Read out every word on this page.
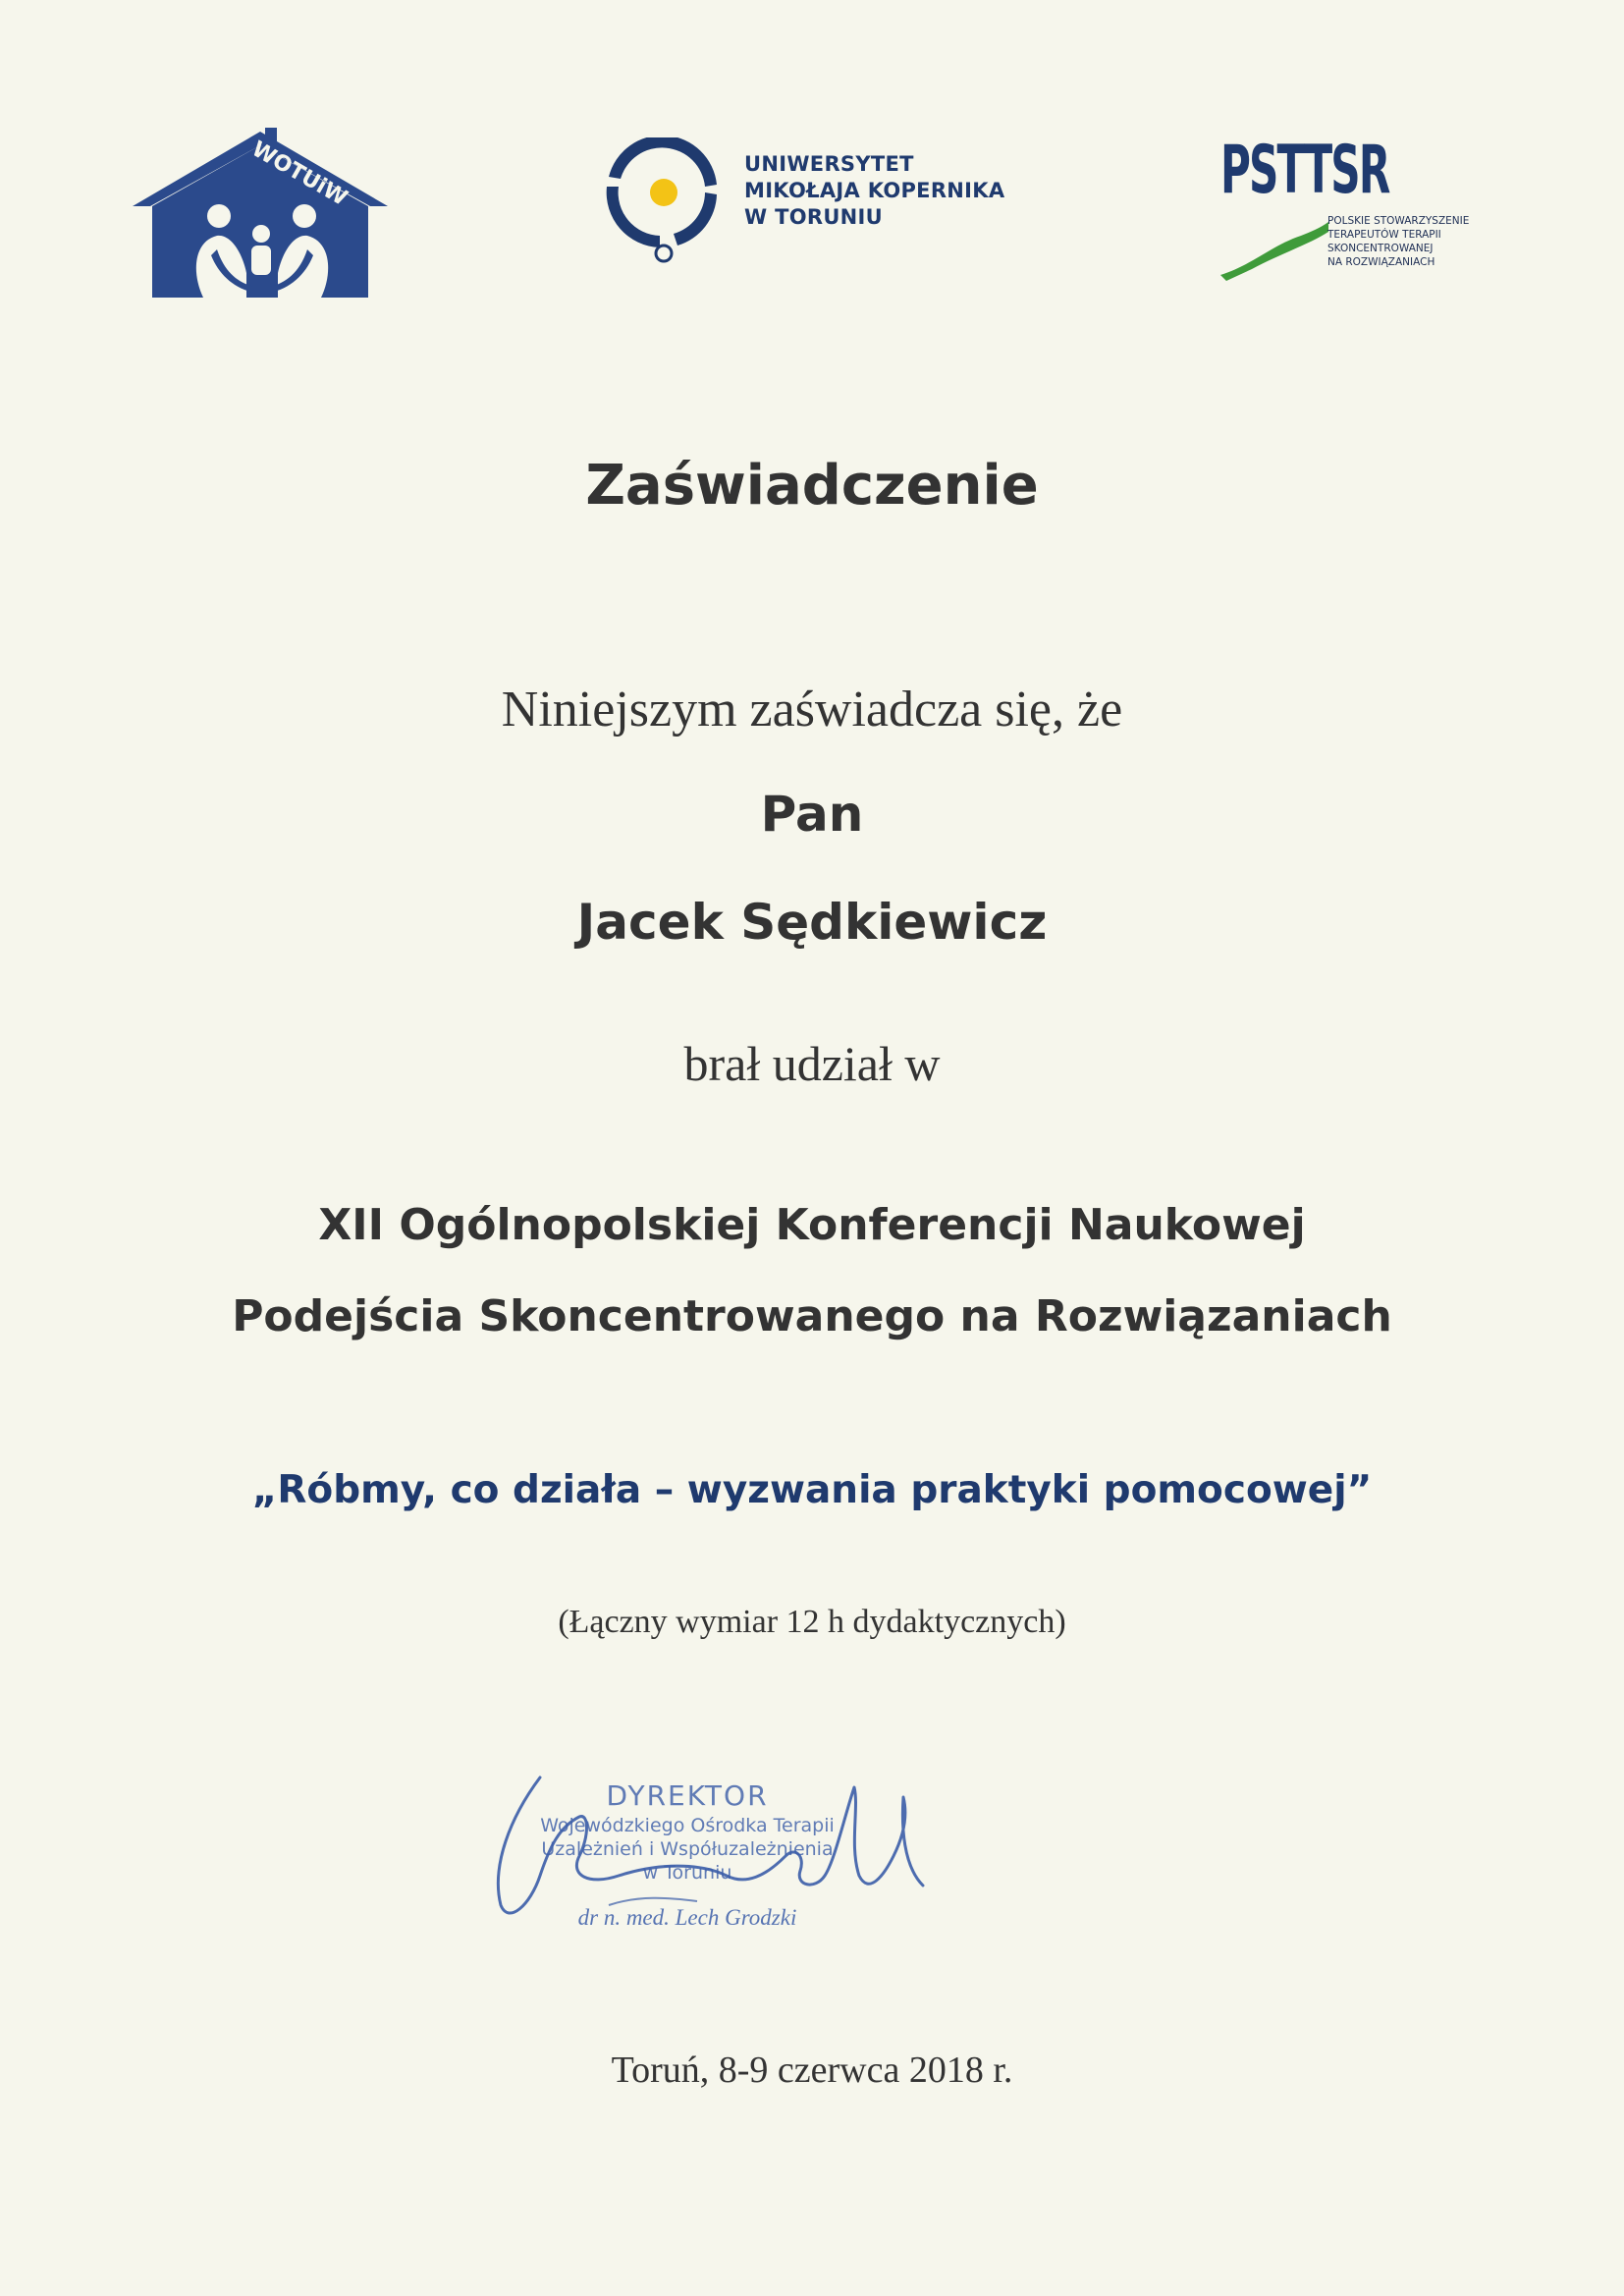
WOTUiW	UNIWERSYTET
MIKOŁAJA KOPERNIKA
W TORUNIU
PSTTSR
POLSKIE STOWARZYSZENIE
TERAPEUTÓW TERAPII
SKONCENTROWANEJ
NA ROZWIĄZANIACH
Zaświadczenie
Niniejszym zaświadcza się, że
Pan
Jacek Sędkiewicz
brał udział w
XII Ogólnopolskiej Konferencji Naukowej
Podejścia Skoncentrowanego na Rozwiązaniach
„Róbmy, co działa – wyzwania praktyki pomocowej”
(Łączny wymiar 12 h dydaktycznych)
DYREKTOR
Wojewódzkiego Ośrodka Terapii
Uzależnień i Współuzależnienia
w Toruniu
dr n. med. Lech Grodzki
Toruń, 8-9 czerwca 2018 r.
